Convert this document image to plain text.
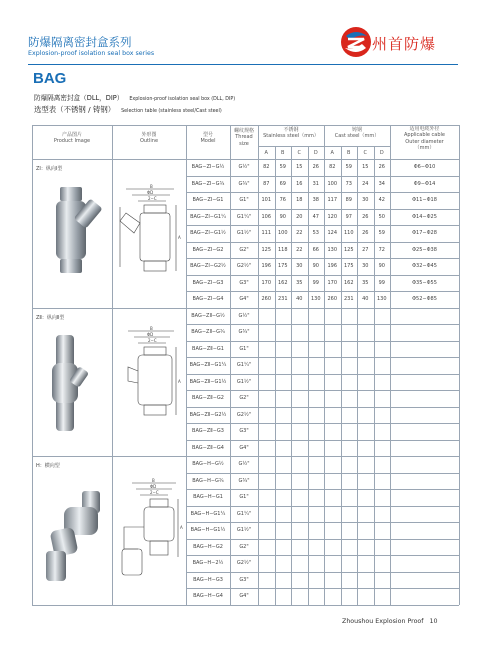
防爆隔离密封盒系列
Explosion-proof isolation seal box series
州首防爆
BAG
防爆隔离密封盒（DLL，DIP） Explosion-proof isolation seal box (DLL, DIP)
选型表（不锈钢 / 铸钢） Selection table (stainless steel/Cast steel)
产品图片
Product Image
外形图
Outline
型号
Model
螺纹规格
Thread size
不锈钢
Stainless steel（mm）
铸钢
Cast steel（mm）
适用电缆外径
Applicable cable
Outer diameter
（mm）
A	B	C	D	A	B	C	D
ZⅠ：纵向Ⅰ型
ZⅡ：纵向Ⅱ型
H：横向型
B
ΦD
2−C
A
B
ΦD
2−C
A
B
ΦD
2−C
A
BAG−ZⅠ−G½	G½"	82	59	15	26	82	59	15	26	Φ6−Φ10
BAG−ZⅠ−G¾	G¾"	87	69	16	31	100	73	24	34	Φ9−Φ14
BAG−ZⅠ−G1	G1"	101	76	18	38	117	89	30	42	Φ11−Φ18
BAG−ZⅠ−G1¼	G1¼"	106	90	20	47	120	97	26	50	Φ14−Φ25
BAG−ZⅠ−G1½	G1½"	111	100	22	53	124	110	26	59	Φ17−Φ28
BAG−ZⅠ−G2	G2"	125	118	22	66	130	125	27	72	Φ25−Φ38
BAG−ZⅠ−G2½	G2½"	196	175	30	90	196	175	30	90	Φ32−Φ45
BAG−ZⅠ−G3	G3"	170	162	35	99	170	162	35	99	Φ35−Φ55
BAG−ZⅠ−G4	G4"	260	231	40	130	260	231	40	130	Φ52−Φ85
BAG−ZⅡ−G½	G½"
BAG−ZⅡ−G¾	G¾"
BAG−ZⅡ−G1	G1"
BAG−ZⅡ−G1¼	G1¼"
BAG−ZⅡ−G1½	G1½"
BAG−ZⅡ−G2	G2"
BAG−ZⅡ−G2½	G2½"
BAG−ZⅡ−G3	G3"
BAG−ZⅡ−G4	G4"
BAG−H−G½	G½"
BAG−H−G¾	G¾"
BAG−H−G1	G1"
BAG−H−G1¼	G1¼"
BAG−H−G1½	G1½"
BAG−H−G2	G2"
BAG−H−2½	G2½"
BAG−H−G3	G3"
BAG−H−G4	G4"
Zhoushou Explosion Proof 10
